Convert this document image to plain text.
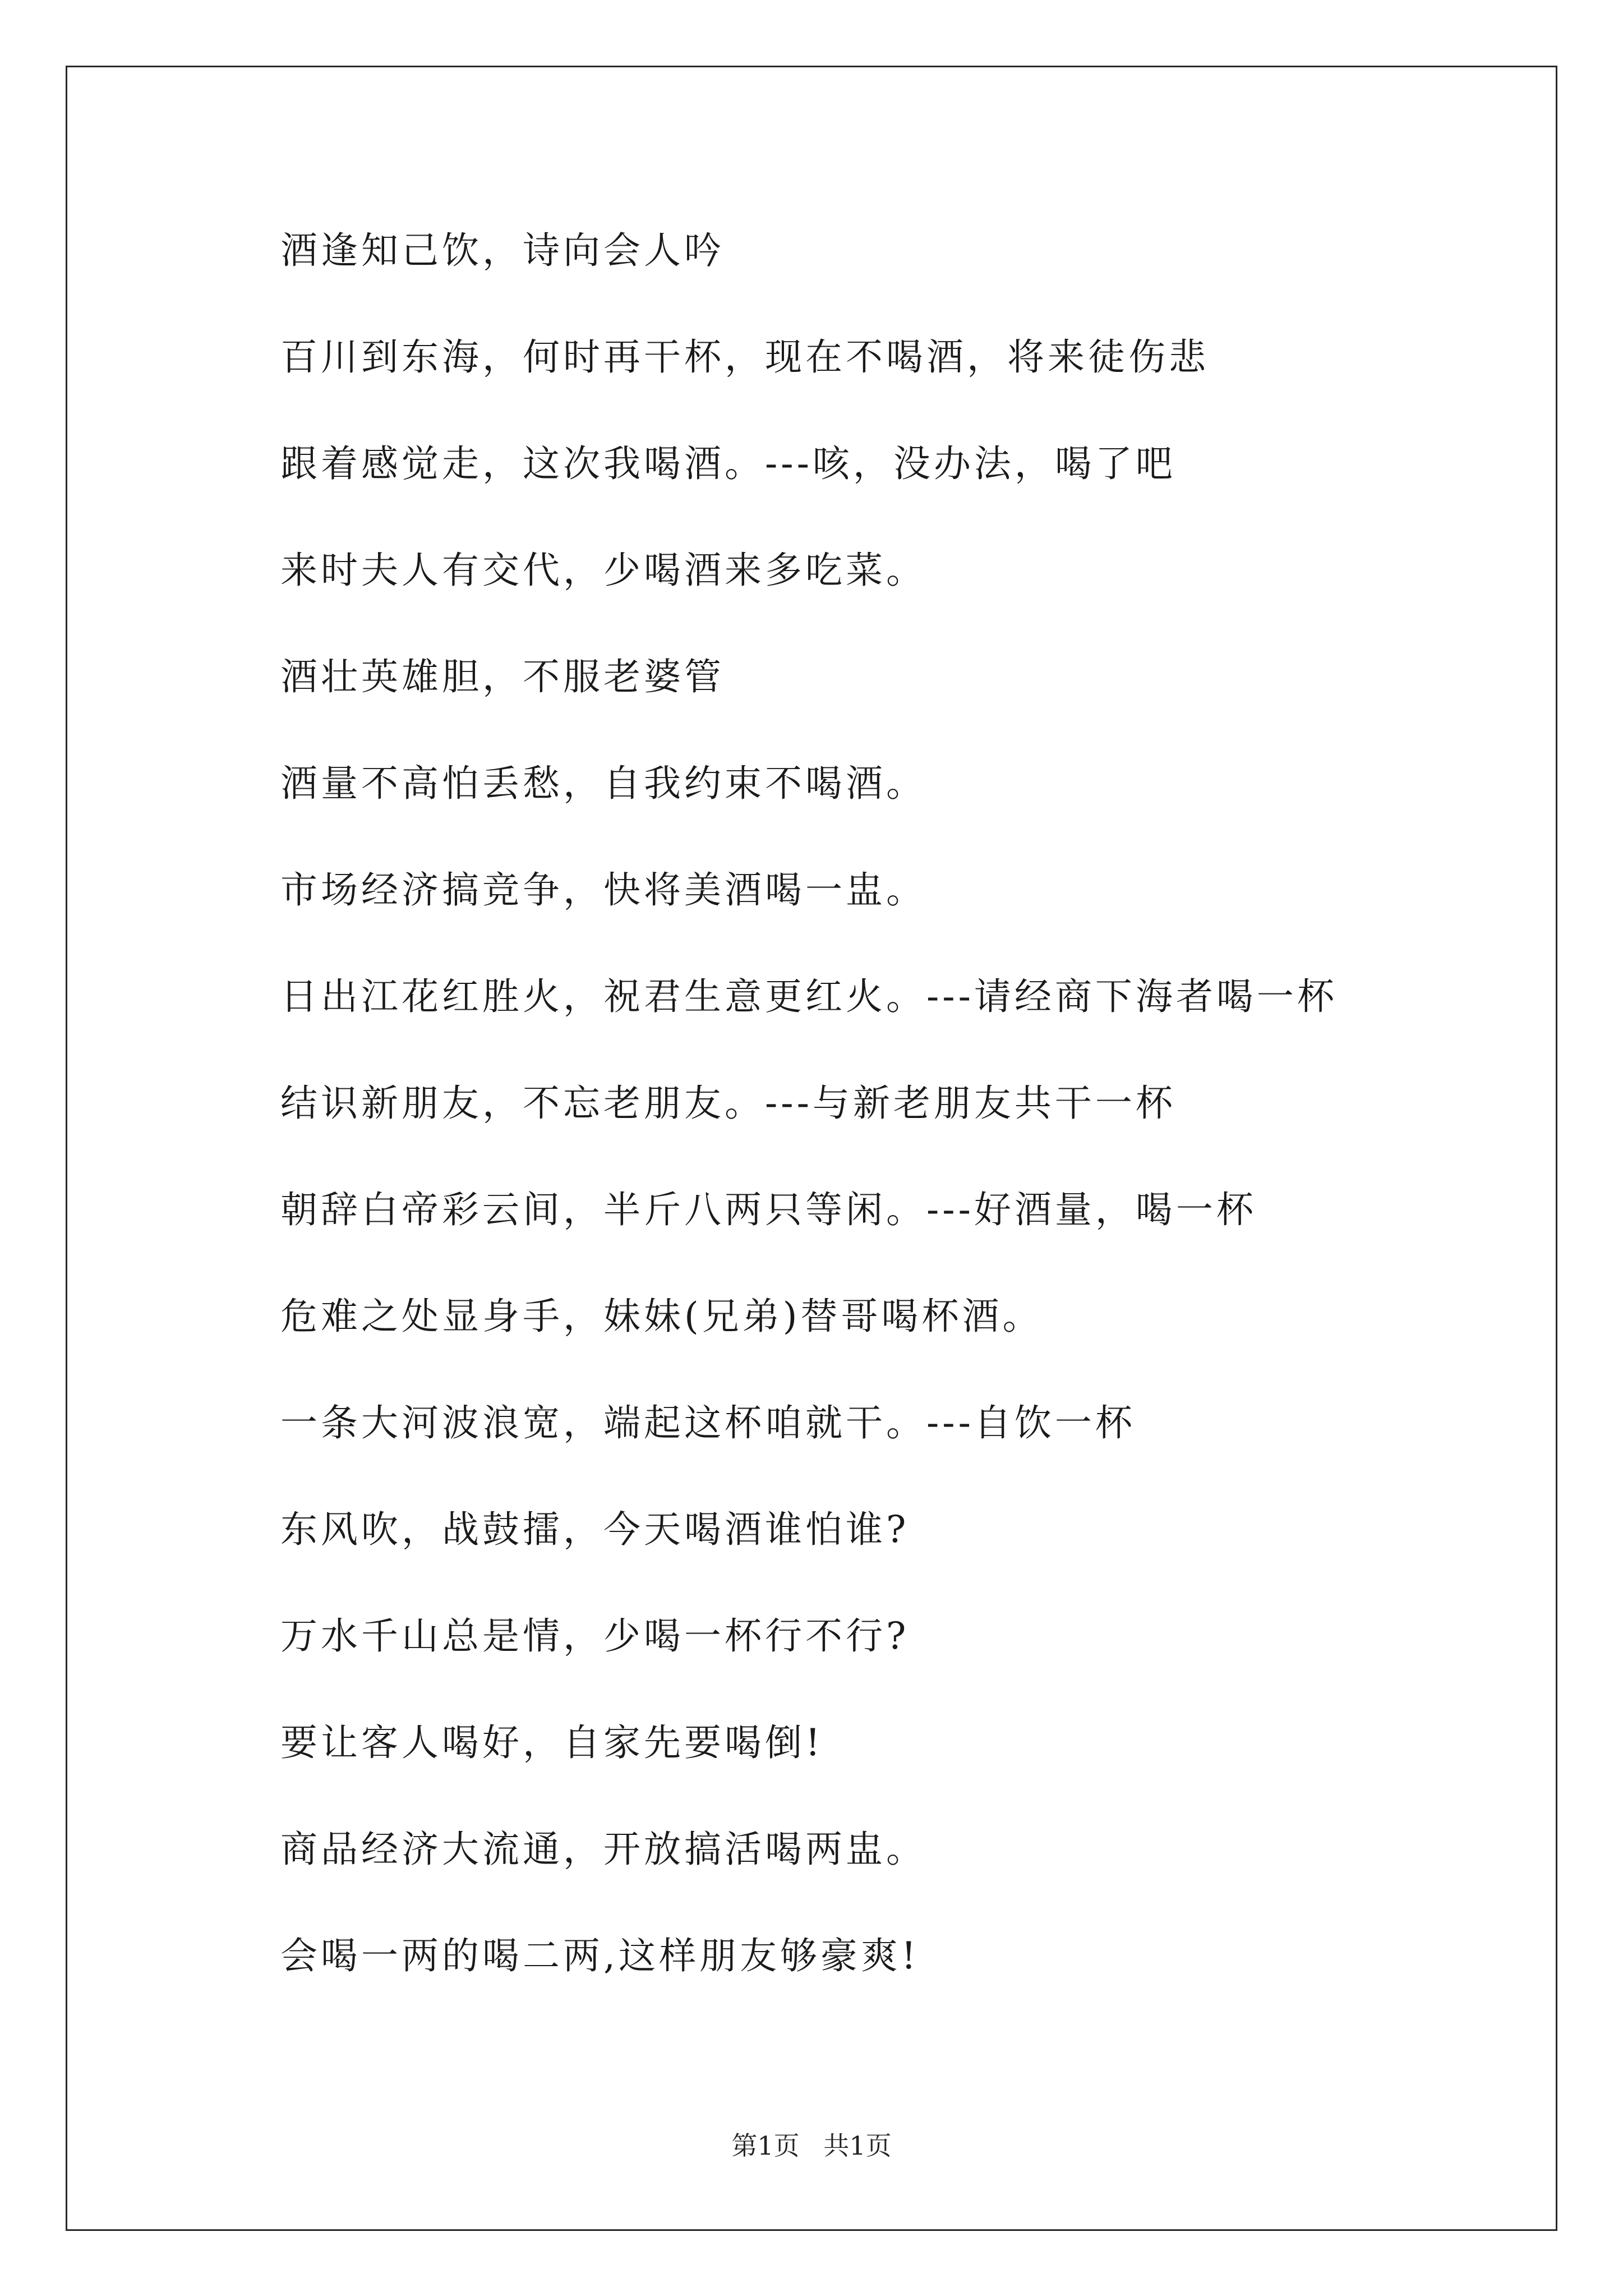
酒逢知己饮，诗向会人吟
百川到东海，何时再干杯，现在不喝酒，将来徒伤悲
跟着感觉走，这次我喝酒。---咳，没办法，喝了吧
来时夫人有交代，少喝酒来多吃菜。
酒壮英雄胆，不服老婆管
酒量不高怕丢愁，自我约束不喝酒。
市场经济搞竞争，快将美酒喝一盅。
日出江花红胜火，祝君生意更红火。---请经商下海者喝一杯
结识新朋友，不忘老朋友。---与新老朋友共干一杯
朝辞白帝彩云间，半斤八两只等闲。---好酒量，喝一杯
危难之处显身手，妹妹(兄弟)替哥喝杯酒。
一条大河波浪宽，端起这杯咱就干。---自饮一杯
东风吹，战鼓擂，今天喝酒谁怕谁?
万水千山总是情，少喝一杯行不行?
要让客人喝好，自家先要喝倒!
商品经济大流通，开放搞活喝两盅。
会喝一两的喝二两,这样朋友够豪爽!
第1页 共1页
